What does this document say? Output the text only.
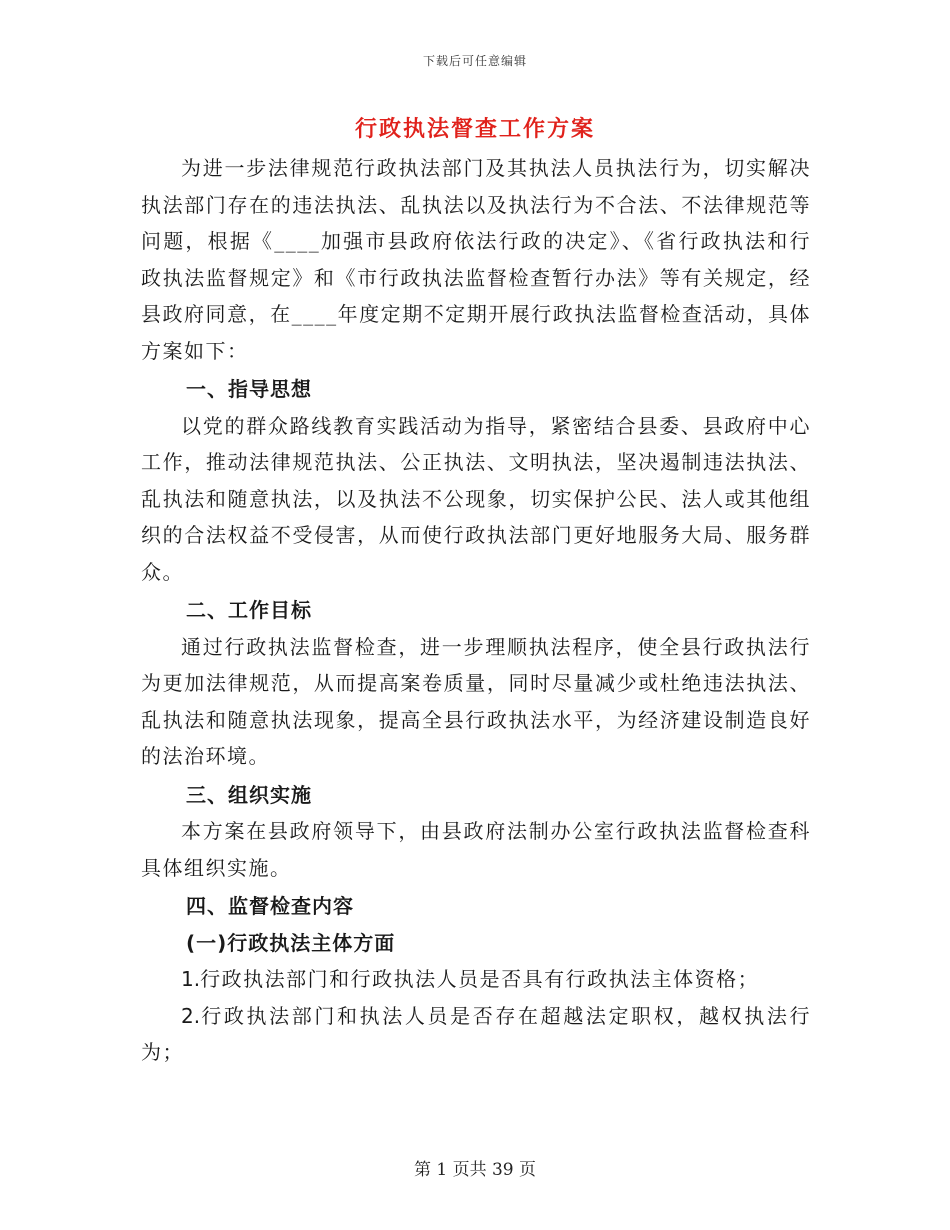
下载后可任意编辑
行政执法督查工作方案

为进一步法律规范行政执法部门及其执法人员执法行为，切实解决执法部门存在的违法执法、乱执法以及执法行为不合法、不法律规范等问题，根据《____加强市县政府依法行政的决定》、《省行政执法和行政执法监督规定》和《市行政执法监督检查暂行办法》等有关规定，经县政府同意，在____年度定期不定期开展行政执法监督检查活动，具体方案如下：

一、指导思想

以党的群众路线教育实践活动为指导，紧密结合县委、县政府中心工作，推动法律规范执法、公正执法、文明执法，坚决遏制违法执法、乱执法和随意执法，以及执法不公现象，切实保护公民、法人或其他组织的合法权益不受侵害，从而使行政执法部门更好地服务大局、服务群众。

二、工作目标

通过行政执法监督检查，进一步理顺执法程序，使全县行政执法行为更加法律规范，从而提高案卷质量，同时尽量减少或杜绝违法执法、乱执法和随意执法现象，提高全县行政执法水平，为经济建设制造良好的法治环境。

三、组织实施

本方案在县政府领导下，由县政府法制办公室行政执法监督检查科具体组织实施。

四、监督检查内容

(一)行政执法主体方面

1.行政执法部门和行政执法人员是否具有行政执法主体资格；

2.行政执法部门和执法人员是否存在超越法定职权，越权执法行为；

第 1 页共 39 页
